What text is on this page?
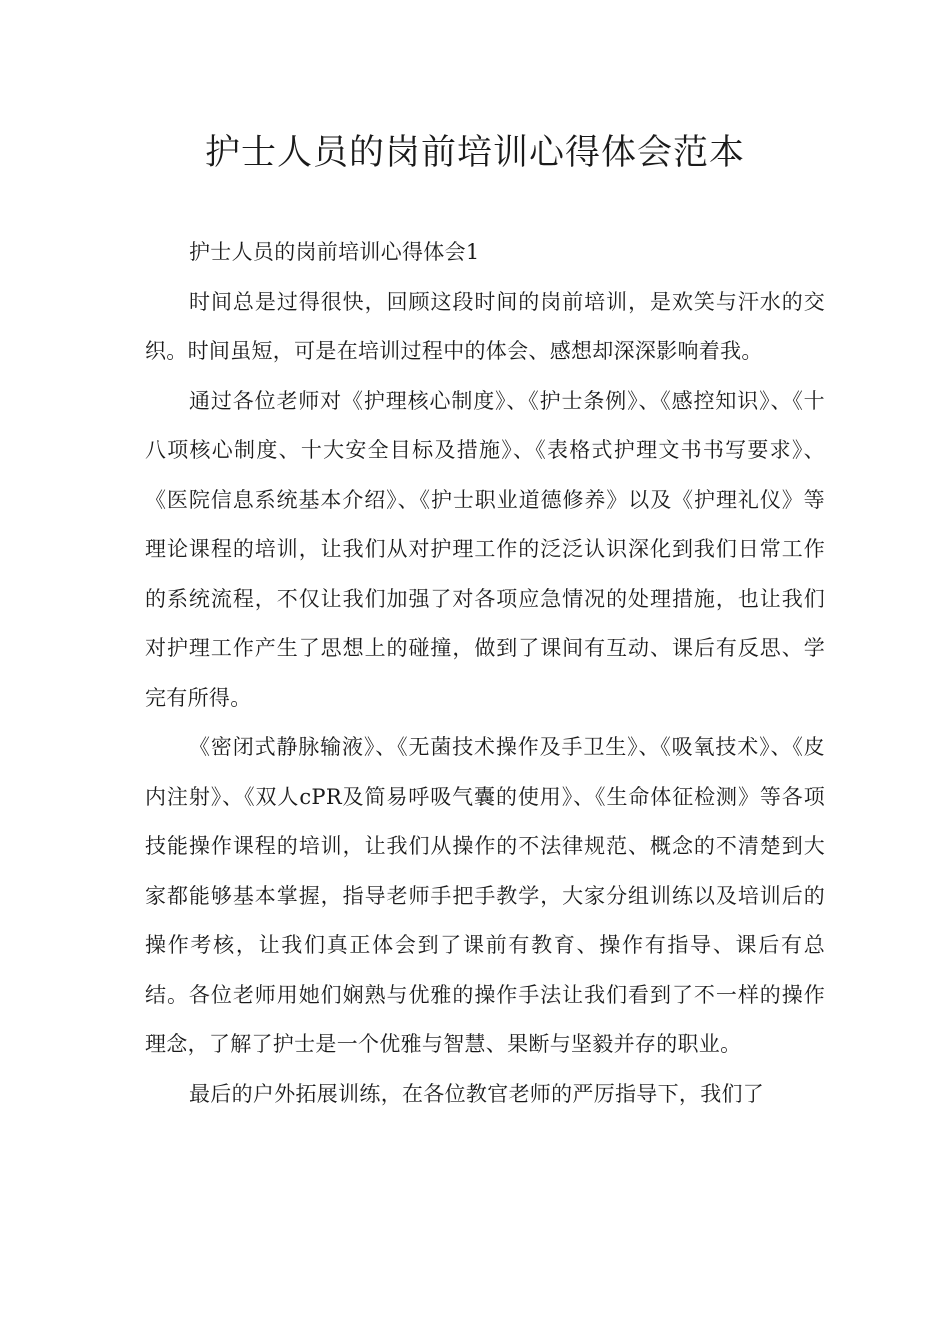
护士人员的岗前培训心得体会范本

护士人员的岗前培训心得体会1

时间总是过得很快，回顾这段时间的岗前培训，是欢笑与汗水的交织。时间虽短，可是在培训过程中的体会、感想却深深影响着我。

通过各位老师对《护理核心制度》、《护士条例》、《感控知识》、《十八项核心制度、十大安全目标及措施》、《表格式护理文书书写要求》、《医院信息系统基本介绍》、《护士职业道德修养》以及《护理礼仪》等理论课程的培训，让我们从对护理工作的泛泛认识深化到我们日常工作的系统流程，不仅让我们加强了对各项应急情况的处理措施，也让我们对护理工作产生了思想上的碰撞，做到了课间有互动、课后有反思、学完有所得。

《密闭式静脉输液》、《无菌技术操作及手卫生》、《吸氧技术》、《皮内注射》、《双人cPR及简易呼吸气囊的使用》、《生命体征检测》等各项技能操作课程的培训，让我们从操作的不法律规范、概念的不清楚到大家都能够基本掌握，指导老师手把手教学，大家分组训练以及培训后的操作考核，让我们真正体会到了课前有教育、操作有指导、课后有总结。各位老师用她们娴熟与优雅的操作手法让我们看到了不一样的操作理念，了解了护士是一个优雅与智慧、果断与坚毅并存的职业。

最后的户外拓展训练，在各位教官老师的严厉指导下，我们了
